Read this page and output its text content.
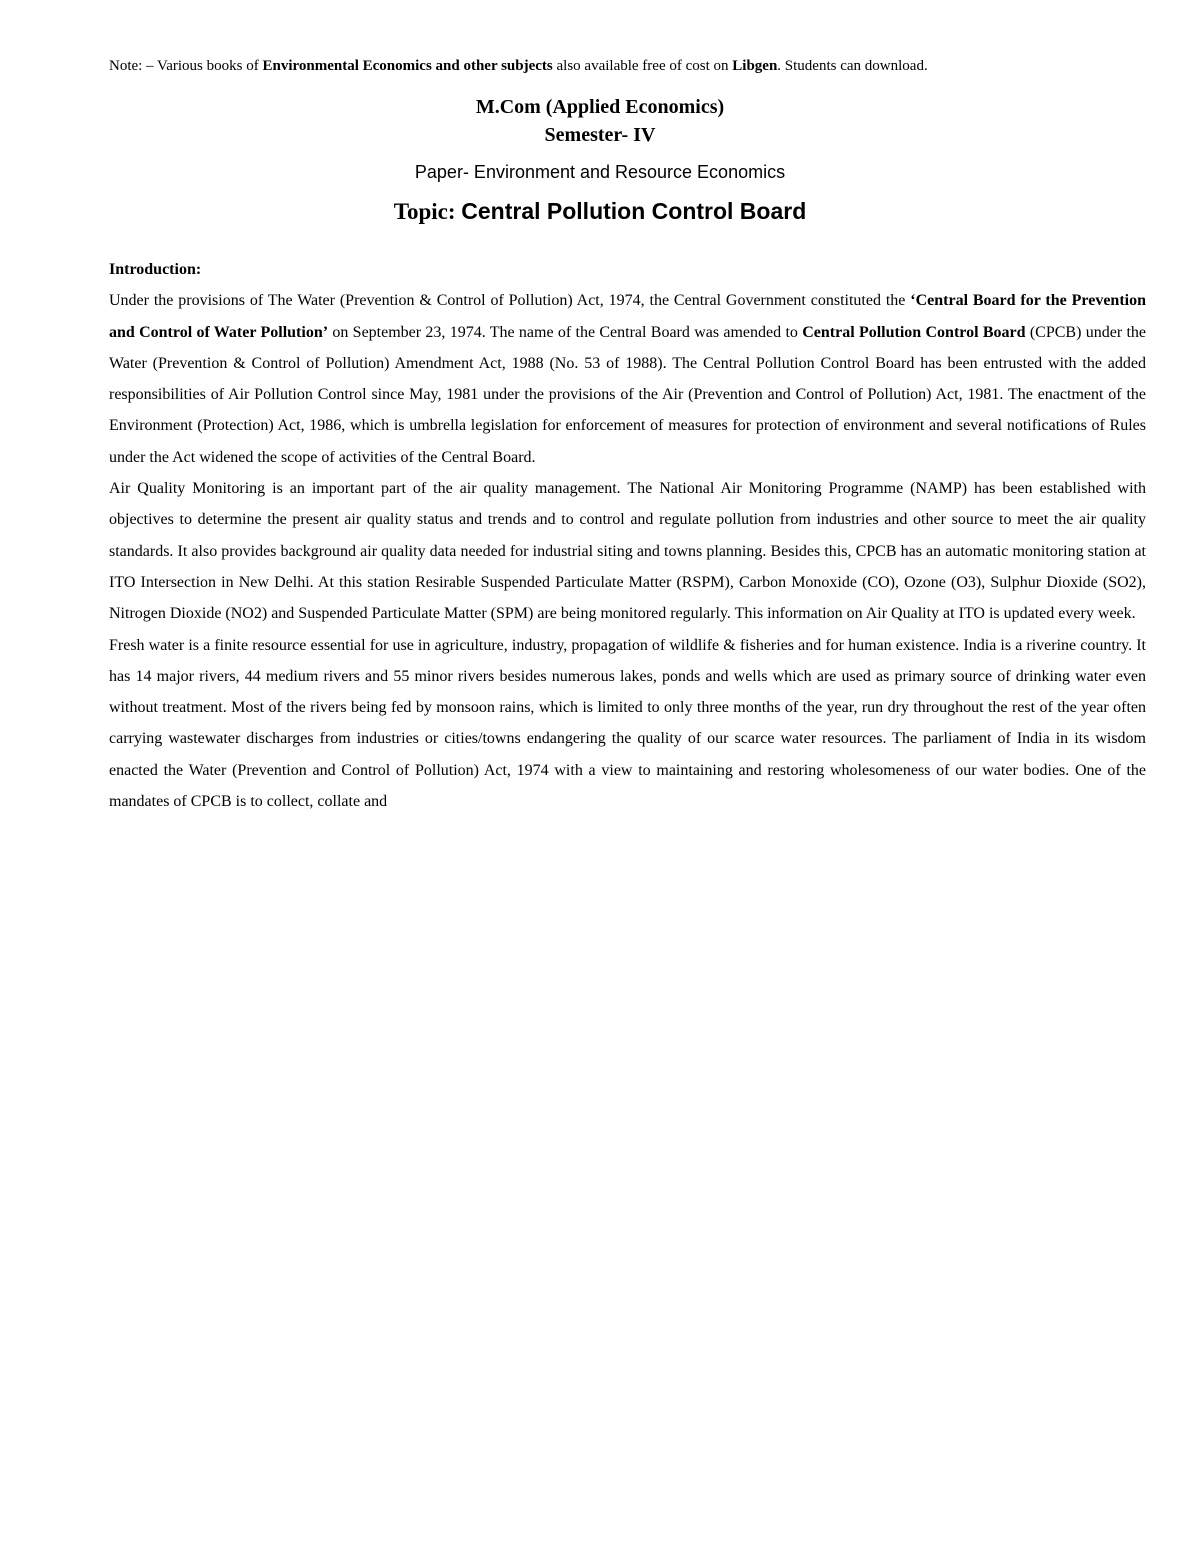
Note: – Various books of Environmental Economics and other subjects also available free of cost on Libgen. Students can download.
M.Com (Applied Economics)
Semester- IV
Paper- Environment and Resource Economics
Topic: Central Pollution Control Board

Introduction:

Under the provisions of The Water (Prevention & Control of Pollution) Act, 1974, the Central Government constituted the ‘Central Board for the Prevention and Control of Water Pollution’ on September 23, 1974. The name of the Central Board was amended to Central Pollution Control Board (CPCB) under the Water (Prevention & Control of Pollution) Amendment Act, 1988 (No. 53 of 1988). The Central Pollution Control Board has been entrusted with the added responsibilities of Air Pollution Control since May, 1981 under the provisions of the Air (Prevention and Control of Pollution) Act, 1981. The enactment of the Environment (Protection) Act, 1986, which is umbrella legislation for enforcement of measures for protection of environment and several notifications of Rules under the Act widened the scope of activities of the Central Board.

Air Quality Monitoring is an important part of the air quality management. The National Air Monitoring Programme (NAMP) has been established with objectives to determine the present air quality status and trends and to control and regulate pollution from industries and other source to meet the air quality standards. It also provides background air quality data needed for industrial siting and towns planning. Besides this, CPCB has an automatic monitoring station at ITO Intersection in New Delhi. At this station Resirable Suspended Particulate Matter (RSPM), Carbon Monoxide (CO), Ozone (O3), Sulphur Dioxide (SO2), Nitrogen Dioxide (NO2) and Suspended Particulate Matter (SPM) are being monitored regularly. This information on Air Quality at ITO is updated every week.

Fresh water is a finite resource essential for use in agriculture, industry, propagation of wildlife & fisheries and for human existence. India is a riverine country. It has 14 major rivers, 44 medium rivers and 55 minor rivers besides numerous lakes, ponds and wells which are used as primary source of drinking water even without treatment. Most of the rivers being fed by monsoon rains, which is limited to only three months of the year, run dry throughout the rest of the year often carrying wastewater discharges from industries or cities/towns endangering the quality of our scarce water resources. The parliament of India in its wisdom enacted the Water (Prevention and Control of Pollution) Act, 1974 with a view to maintaining and restoring wholesomeness of our water bodies. One of the mandates of CPCB is to collect, collate and
